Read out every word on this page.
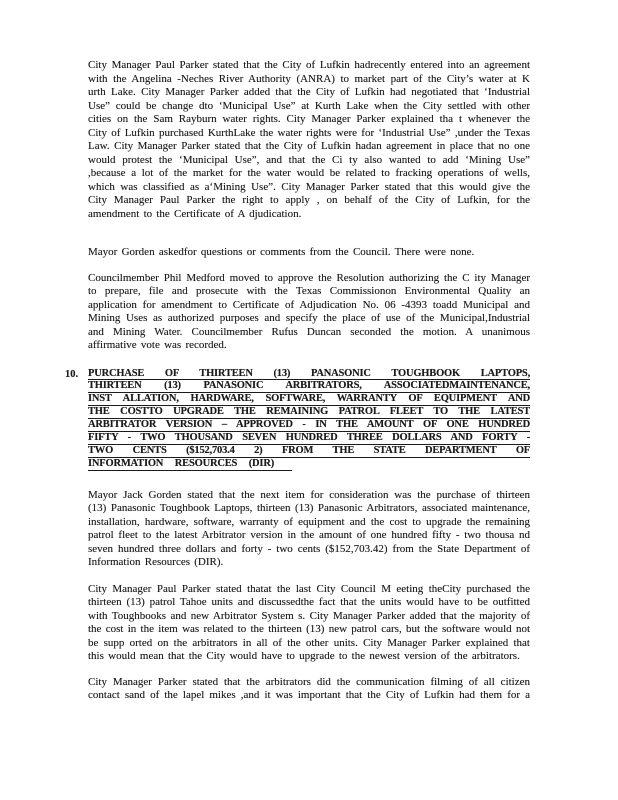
City Manager Paul Parker stated that the City of Lufkin hadrecently entered into an agreement with the Angelina -Neches River Authority (ANRA) to market part of the City’s water at K urth Lake. City Manager Parker added that the City of Lufkin had negotiated that ‘Industrial Use” could be change dto ‘Municipal Use” at Kurth Lake when the City settled with other cities on the Sam Rayburn water rights. City Manager Parker explained tha t whenever the City of Lufkin purchased KurthLake the water rights were for ‘Industrial Use” ,under the Texas Law. City Manager Parker stated that the City of Lufkin hadan agreement in place that no one would protest the ‘Municipal Use”, and that the Ci ty also wanted to add ‘Mining Use” ,because a lot of the market for the water would be related to fracking operations of wells, which was classified as a‘Mining Use”. City Manager Parker stated that this would give the City Manager Paul Parker the right to apply , on behalf of the City of Lufkin, for the amendment to the Certificate of A djudication.

Mayor Gorden askedfor questions or comments from the Council. There were none.

Councilmember Phil Medford moved to approve the Resolution authorizing the C ity Manager to prepare, file and prosecute with the Texas Commissionon Environmental Quality an application for amendment to Certificate of Adjudication No. 06 -4393 toadd Municipal and Mining Uses as authorized purposes and specify the place of use of the Municipal,Industrial and Mining Water. Councilmember Rufus Duncan seconded the motion. A unanimous affirmative vote was recorded.

10. PURCHASE OF THIRTEEN (13) PANASONIC TOUGHBOOK LAPTOPS,
THIRTEEN (13) PANASONIC ARBITRATORS, ASSOCIATEDMAINTENANCE,
INST ALLATION, HARDWARE, SOFTWARE, WARRANTY OF EQUIPMENT AND
THE COSTTO UPGRADE THE REMAINING PATROL FLEET TO THE LATEST
ARBITRATOR VERSION – APPROVED - IN THE AMOUNT OF ONE HUNDRED
FIFTY - TWO THOUSAND SEVEN HUNDRED THREE DOLLARS AND FORTY -
TWO CENTS ($152,703.4 2) FROM THE STATE DEPARTMENT OF
INFORMATION RESOURCES (DIR)

Mayor Jack Gorden stated that the next item for consideration was the purchase of thirteen (13) Panasonic Toughbook Laptops, thirteen (13) Panasonic Arbitrators, associated maintenance, installation, hardware, software, warranty of equipment and the cost to upgrade the remaining patrol fleet to the latest Arbitrator version in the amount of one hundred fifty - two thousa nd seven hundred three dollars and forty - two cents ($152,703.42) from the State Department of Information Resources (DIR).

City Manager Paul Parker stated thatat the last City Council M eeting theCity purchased the thirteen (13) patrol Tahoe units and discussedthe fact that the units would have to be outfitted with Toughbooks and new Arbitrator System s. City Manager Parker added that the majority of the cost in the item was related to the thirteen (13) new patrol cars, but the software would not be supp orted on the arbitrators in all of the other units. City Manager Parker explained that this would mean that the City would have to upgrade to the newest version of the arbitrators.

City Manager Parker stated that the arbitrators did the communication filming of all citizen contact sand of the lapel mikes ,and it was important that the City of Lufkin had them for a
